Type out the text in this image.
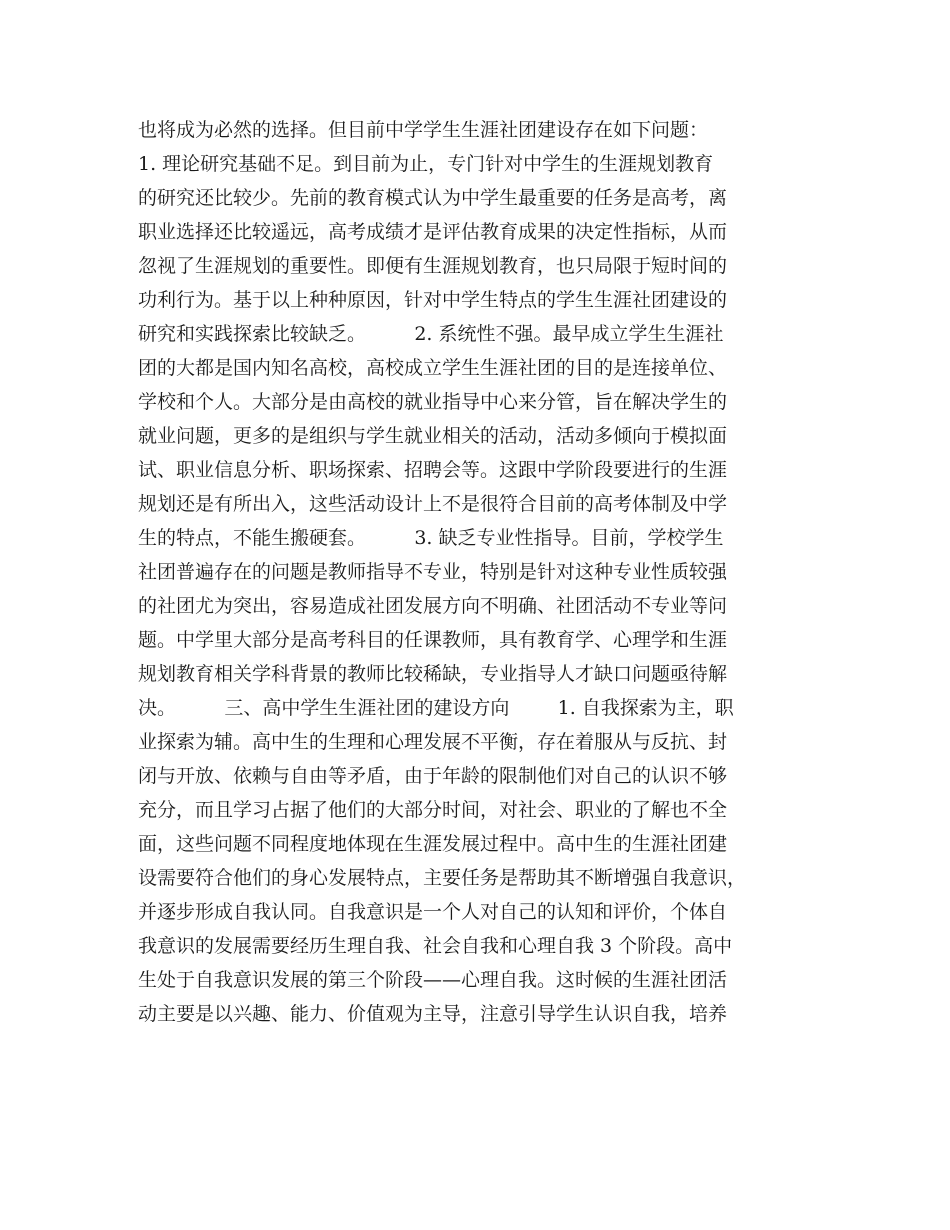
也将成为必然的选择。但目前中学学生生涯社团建设存在如下问题：
1. 理论研究基础不足。到目前为止，专门针对中学生的生涯规划教育
的研究还比较少。先前的教育模式认为中学生最重要的任务是高考，离
职业选择还比较遥远，高考成绩才是评估教育成果的决定性指标，从而
忽视了生涯规划的重要性。即便有生涯规划教育，也只局限于短时间的
功利行为。基于以上种种原因，针对中学生特点的学生生涯社团建设的
研究和实践探索比较缺乏。        2. 系统性不强。最早成立学生生涯社
团的大都是国内知名高校，高校成立学生生涯社团的目的是连接单位、
学校和个人。大部分是由高校的就业指导中心来分管，旨在解决学生的
就业问题，更多的是组织与学生就业相关的活动，活动多倾向于模拟面
试、职业信息分析、职场探索、招聘会等。这跟中学阶段要进行的生涯
规划还是有所出入，这些活动设计上不是很符合目前的高考体制及中学
生的特点，不能生搬硬套。        3. 缺乏专业性指导。目前，学校学生
社团普遍存在的问题是教师指导不专业，特别是针对这种专业性质较强
的社团尤为突出，容易造成社团发展方向不明确、社团活动不专业等问
题。中学里大部分是高考科目的任课教师，具有教育学、心理学和生涯
规划教育相关学科背景的教师比较稀缺，专业指导人才缺口问题亟待解
决。        三、高中学生生涯社团的建设方向        1. 自我探索为主，职
业探索为辅。高中生的生理和心理发展不平衡，存在着服从与反抗、封
闭与开放、依赖与自由等矛盾，由于年龄的限制他们对自己的认识不够
充分，而且学习占据了他们的大部分时间，对社会、职业的了解也不全
面，这些问题不同程度地体现在生涯发展过程中。高中生的生涯社团建
设需要符合他们的身心发展特点，主要任务是帮助其不断增强自我意识，
并逐步形成自我认同。自我意识是一个人对自己的认知和评价，个体自
我意识的发展需要经历生理自我、社会自我和心理自我 3 个阶段。高中
生处于自我意识发展的第三个阶段——心理自我。这时候的生涯社团活
动主要是以兴趣、能力、价值观为主导，注意引导学生认识自我，培养
